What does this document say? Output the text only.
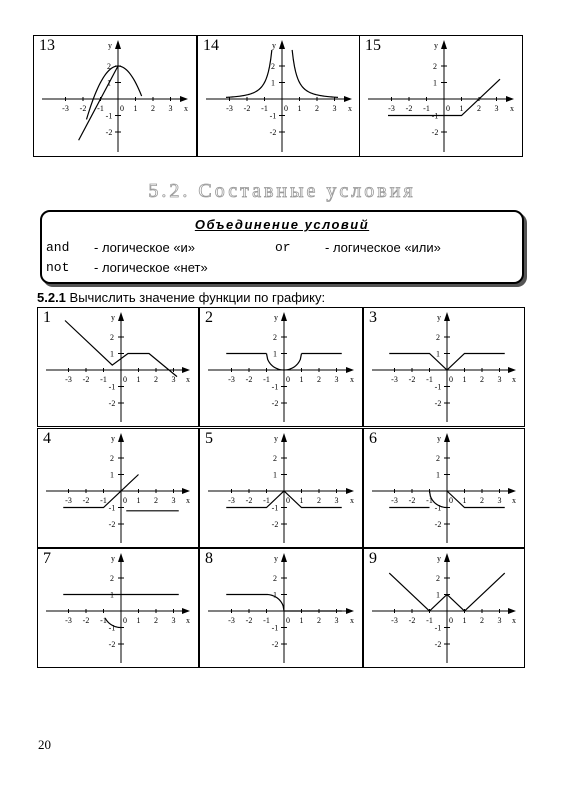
x
y
-3 -2 -1 0 1 2 3
2
1
-1
-2
13
x
y
-3 -2 -1 0 1 2 3
2
1
-1
-2
14
x
y
-3 -2 -1 0 1 2 3
2
1
-1
-2
15
5.2. Составные условия
Объединение условий
and - логическое «и»	or	- логическое «или»
not - логическое «нет»
5.2.1 Вычислить значение функции по графику:
x
y
-3 -2 -1 0 1 2 3
2
1
-1
-2
1
x
y
-3 -2 -1 0 1 2 3
2
1
-1
-2
2
x
y
-3 -2 -1 0 1 2 3
2
1
-1
-2
3
x
y
-3 -2 -1 0 1 2 3
2
1
-1
-2
4
x
y
-3 -2 -1 0 1 2 3
2
1
-1
-2
5
x
y
-3 -2 -1 0 1 2 3
2
1
-1
-2
6
x
y
-3 -2 -1 0 1 2 3
2
1
-1
-2
7
x
y
-3 -2 -1 0 1 2 3
2
1
-1
-2
8
x
y
-3 -2 -1 0 1 2 3
2
1
-1
-2
9
20
